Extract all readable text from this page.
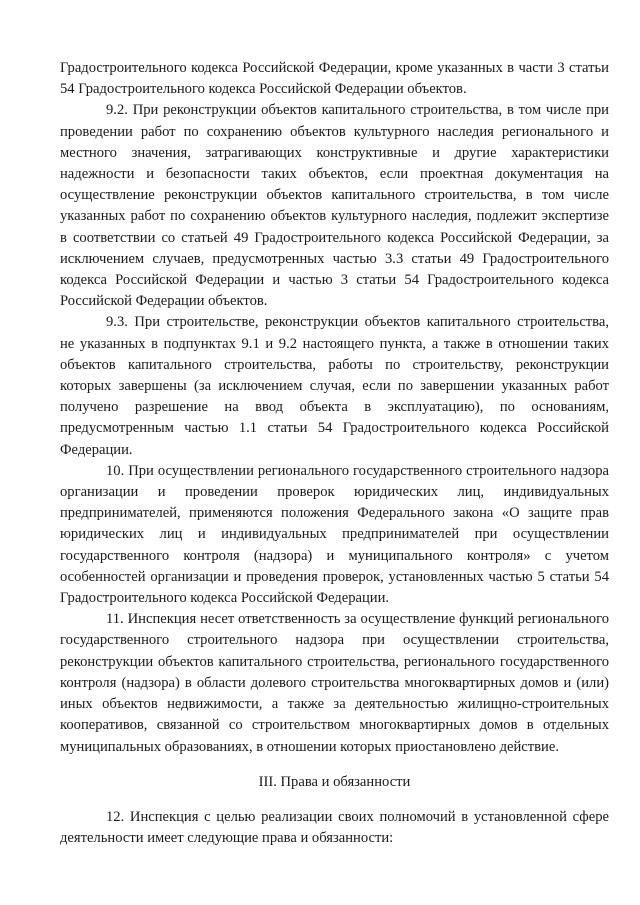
Градостроительного кодекса Российской Федерации, кроме указанных в части 3 статьи 54 Градостроительного кодекса Российской Федерации объектов.

9.2. При реконструкции объектов капитального строительства, в том числе при проведении работ по сохранению объектов культурного наследия регионального и местного значения, затрагивающих конструктивные и другие характеристики надежности и безопасности таких объектов, если проектная документация на осуществление реконструкции объектов капитального строительства, в том числе указанных работ по сохранению объектов культурного наследия, подлежит экспертизе в соответствии со статьей 49 Градостроительного кодекса Российской Федерации, за исключением случаев, предусмотренных частью 3.3 статьи 49 Градостроительного кодекса Российской Федерации и частью 3 статьи 54 Градостроительного кодекса Российской Федерации объектов.

9.3. При строительстве, реконструкции объектов капитального строительства, не указанных в подпунктах 9.1 и 9.2 настоящего пункта, а также в отношении таких объектов капитального строительства, работы по строительству, реконструкции которых завершены (за исключением случая, если по завершении указанных работ получено разрешение на ввод объекта в эксплуатацию), по основаниям, предусмотренным частью 1.1 статьи 54 Градостроительного кодекса Российской Федерации.

10. При осуществлении регионального государственного строительного надзора организации и проведении проверок юридических лиц, индивидуальных предпринимателей, применяются положения Федерального закона «О защите прав юридических лиц и индивидуальных предпринимателей при осуществлении государственного контроля (надзора) и муниципального контроля» с учетом особенностей организации и проведения проверок, установленных частью 5 статьи 54 Градостроительного кодекса Российской Федерации.

11. Инспекция несет ответственность за осуществление функций регионального государственного строительного надзора при осуществлении строительства, реконструкции объектов капитального строительства, регионального государственного контроля (надзора) в области долевого строительства многоквартирных домов и (или) иных объектов недвижимости, а также за деятельностью жилищно-строительных кооперативов, связанной со строительством многоквартирных домов в отдельных муниципальных образованиях, в отношении которых приостановлено действие.

III. Права и обязанности

12. Инспекция с целью реализации своих полномочий в установленной сфере деятельности имеет следующие права и обязанности:
